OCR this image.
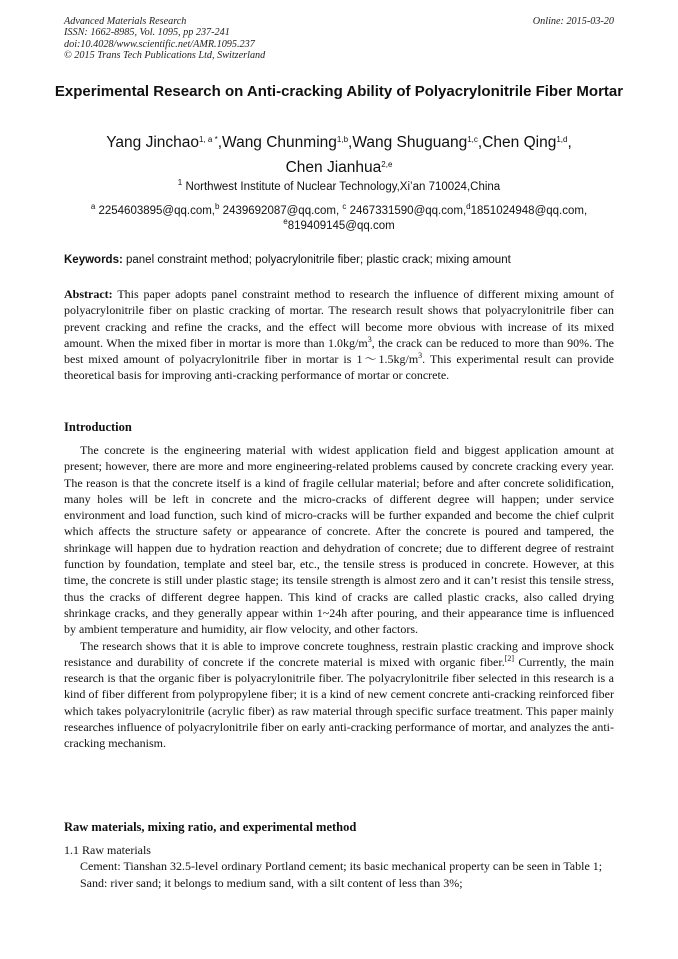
Advanced Materials Research
ISSN: 1662-8985, Vol. 1095, pp 237-241
doi:10.4028/www.scientific.net/AMR.1095.237
© 2015 Trans Tech Publications Ltd, Switzerland
Online: 2015-03-20
Experimental Research on Anti-cracking Ability of Polyacrylonitrile Fiber Mortar
Yang Jinchao$^{1, a *}$,Wang Chunming$^{1,b}$,Wang Shuguang$^{1,c}$,Chen Qing$^{1,d}$,
Chen Jianhua$^{2,e}$
$^1$ Northwest Institute of Nuclear Technology,Xi’an 710024,China
$^a$ 2254603895@qq.com,$^b$ 2439692087@qq.com, $^c$ 2467331590@qq.com,$^d$1851024948@qq.com,
$^e$819409145@qq.com
Keywords: panel constraint method; polyacrylonitrile fiber; plastic crack; mixing amount

Abstract: This paper adopts panel constraint method to research the influence of different mixing amount of polyacrylonitrile fiber on plastic cracking of mortar. The research result shows that polyacrylonitrile fiber can prevent cracking and refine the cracks, and the effect will become more obvious with increase of its mixed amount. When the mixed fiber in mortar is more than $1.0kg/m^3$, the crack can be reduced to more than 90%. The best mixed amount of polyacrylonitrile fiber in mortar is $1\sim 1.5kg/m^3$. This experimental result can provide theoretical basis for improving anti-cracking performance of mortar or concrete.

Introduction

The concrete is the engineering material with widest application field and biggest application amount at present; however, there are more and more engineering-related problems caused by concrete cracking every year. The reason is that the concrete itself is a kind of fragile cellular material; before and after concrete solidification, many holes will be left in concrete and the micro-cracks of different degree will happen; under service environment and load function, such kind of micro-cracks will be further expanded and become the chief culprit which affects the structure safety or appearance of concrete. After the concrete is poured and tampered, the shrinkage will happen due to hydration reaction and dehydration of concrete; due to different degree of restraint function by foundation, template and steel bar, etc., the tensile stress is produced in concrete. However, at this time, the concrete is still under plastic stage; its tensile strength is almost zero and it can’t resist this tensile stress, thus the cracks of different degree happen. This kind of cracks are called plastic cracks, also called drying shrinkage cracks, and they generally appear within 1~24h after pouring, and their appearance time is influenced by ambient temperature and humidity, air flow velocity, and other factors.

The research shows that it is able to improve concrete toughness, restrain plastic cracking and improve shock resistance and durability of concrete if the concrete material is mixed with organic fiber.[2] Currently, the main research is that the organic fiber is polyacrylonitrile fiber. The polyacrylonitrile fiber selected in this research is a kind of fiber different from polypropylene fiber; it is a kind of new cement concrete anti-cracking reinforced fiber which takes polyacrylonitrile (acrylic fiber) as raw material through specific surface treatment. This paper mainly researches influence of polyacrylonitrile fiber on early anti-cracking performance of mortar, and analyzes the anti-cracking mechanism.

Raw materials, mixing ratio, and experimental method

1.1 Raw materials

Cement: Tianshan 32.5-level ordinary Portland cement; its basic mechanical property can be seen in Table 1;

Sand: river sand; it belongs to medium sand, with a silt content of less than 3%;
